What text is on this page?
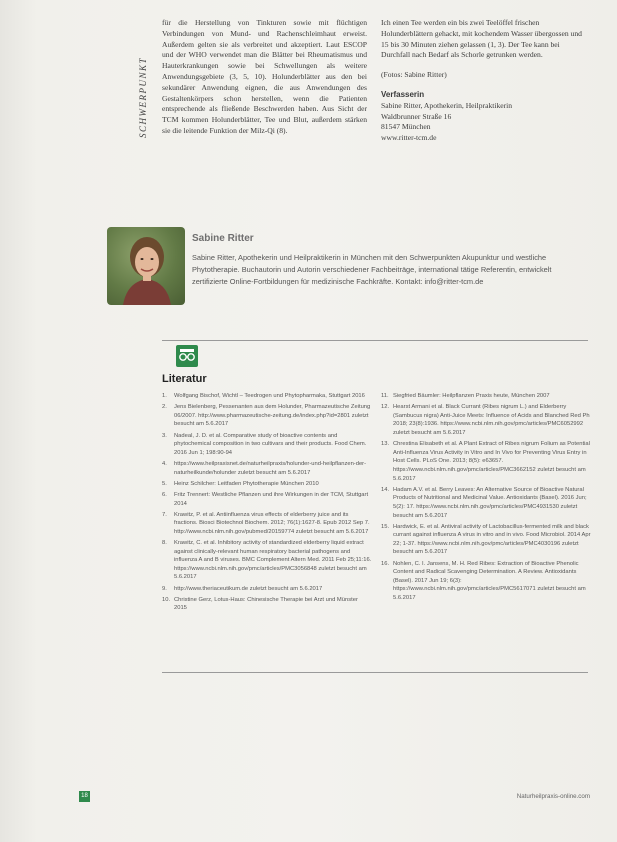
SCHWERPUNKT
für die Herstellung von Tinkturen sowie mit flüchtigen Verbindungen von Mund- und Rachenschleimhaut erweist. Außerdem gelten sie als verbreitet und akzeptiert. Laut ESCOP und der WHO verwendet man die Blätter bei Rheumatismus und Hauterkrankungen sowie bei Schwellungen als weitere Anwendungsgebiete (3, 5, 10). Holunderblätter aus den bei sekundärer Anwendung eignen, die aus Anwendungen des Gestaltenkörpers schon herstellen, wenn die Patienten entsprechende als fließende Beschwerden haben. Aus Sicht der TCM kommen Holunderblätter, Tee und Blut, außerdem stärken sie die leitende Funktion der Milz-Qi (8).

Ich einen Tee werden ein bis zwei Teelöffel frischen Holunderblättern gehackt, mit kochendem Wasser übergossen und 15 bis 30 Minuten ziehen gelassen (1, 3). Der Tee kann bei Durchfall nach Bedarf als Schorle getrunken werden.

(Fotos: Sabine Ritter)

Verfasserin
Sabine Ritter, Apothekerin, Heilpraktikerin
Waldbrunner Straße 16
81547 München
www.ritter-tcm.de
Sabine Ritter
Sabine Ritter, Apothekerin und Heilpraktikerin in München mit den Schwerpunkten Akupunktur und westliche Phytotherapie. Buchautorin und Autorin verschiedener Fachbeiträge, international tätige Referentin, entwickelt zertifizierte Online-Fortbildungen für medizinische Fachkräfte. Kontakt: info@ritter-tcm.de
Literatur
1.	Wolfgang Bischof, Wichtl – Teedrogen und Phytopharmaka, Stuttgart 2016
2.	Jens Bielenberg, Pessenanten aus dem Holunder, Pharmazeutische Zeitung 06/2007. http://www.pharmazeutische-zeitung.de/index.php?id=2801 zuletzt besucht am 5.6.2017
3.	Nadeal, J. D. et al. Comparative study of bioactive contents and phytochemical composition in two cultivars and their products. Food Chem. 2016 Jun 1; 198:90-94
4.	https://www.heilpraxisnet.de/naturheilpraxis/holunder-und-heilpflanzen-der-naturheilkunde/holunder zuletzt besucht am 5.6.2017
5.	Heinz Schilcher: Leitfaden Phytotherapie München 2010
6.	Fritz Trennert: Westliche Pflanzen und ihre Wirkungen in der TCM, Stuttgart 2014
7.	Krawitz, P. et al. Antiinfluenza virus effects of elderberry juice and its fractions. Biosci Biotechnol Biochem. 2012; 76(1):1627-8. Epub 2012 Sep 7. http://www.ncbi.nlm.nih.gov/pubmed/20159774 zuletzt besucht am 5.6.2017
8.	Krawitz, C. et al. Inhibitory activity of standardized elderberry liquid extract against clinically-relevant human respiratory bacterial pathogens and influenza A and B viruses. BMC Complement Altern Med. 2011 Feb 25;11:16. https://www.ncbi.nlm.nih.gov/pmc/articles/PMC3056848 zuletzt besucht am 5.6.2017
9.	http://www.theriaceutikum.de zuletzt besucht am 5.6.2017
10. Christine Gerz, Lotus-Haus: Chinesische Therapie bei Arzt und Münster 2015
11. Siegfried Bäumler: Heilpflanzen Praxis heute, München 2007
12. Hearst Armani et al. Black Currant (Ribes nigrum L.) and Elderberry (Sambucus nigra) Anti-Juice Meets: Influence of Acids and Blanched Red Ph 2018; 23(8):1936. https://www.ncbi.nlm.nih.gov/pmc/articles/PMC6052992 zuletzt besucht am 5.6.2017
13. Chrestina Elisabeth et al. A Plant Extract of Ribes nigrum Folium as Potential Anti-Influenza Virus Activity in Vitro and In Vivo for Preventing Virus Entry in Host Cells. PLoS One. 2013; 8(5): e63657. https://www.ncbi.nlm.nih.gov/pmc/articles/PMC3662152 zuletzt besucht am 5.6.2017
14. Hadam A.V. et al. Berry Leaves: An Alternative Source of Bioactive Natural Products of Nutritional and Medicinal Value. Antioxidants (Basel). 2016 Jun; 5(2): 17. https://www.ncbi.nlm.nih.gov/pmc/articles/PMC4931530 zuletzt besucht am 5.6.2017
15. Hardwick, E. et al. Antiviral activity of Lactobacillus-fermented milk and black currant against influenza A virus in vitro and in vivo. Food Microbiol. 2014 Apr 22; 1-37. https://www.ncbi.nlm.nih.gov/pmc/articles/PMC4030196 zuletzt besucht am 5.6.2017
16. Nohlen, C. I. Jansens, M. H. Red Ribes: Extraction of Bioactive Phenolic Content and Radical Scavenging Determination. A Review. Antioxidants (Basel). 2017 Jun 19; 6(3): https://www.ncbi.nlm.nih.gov/pmc/articles/PMC5617071 zuletzt besucht am 5.6.2017
18	Naturheilpraxis-online.com
